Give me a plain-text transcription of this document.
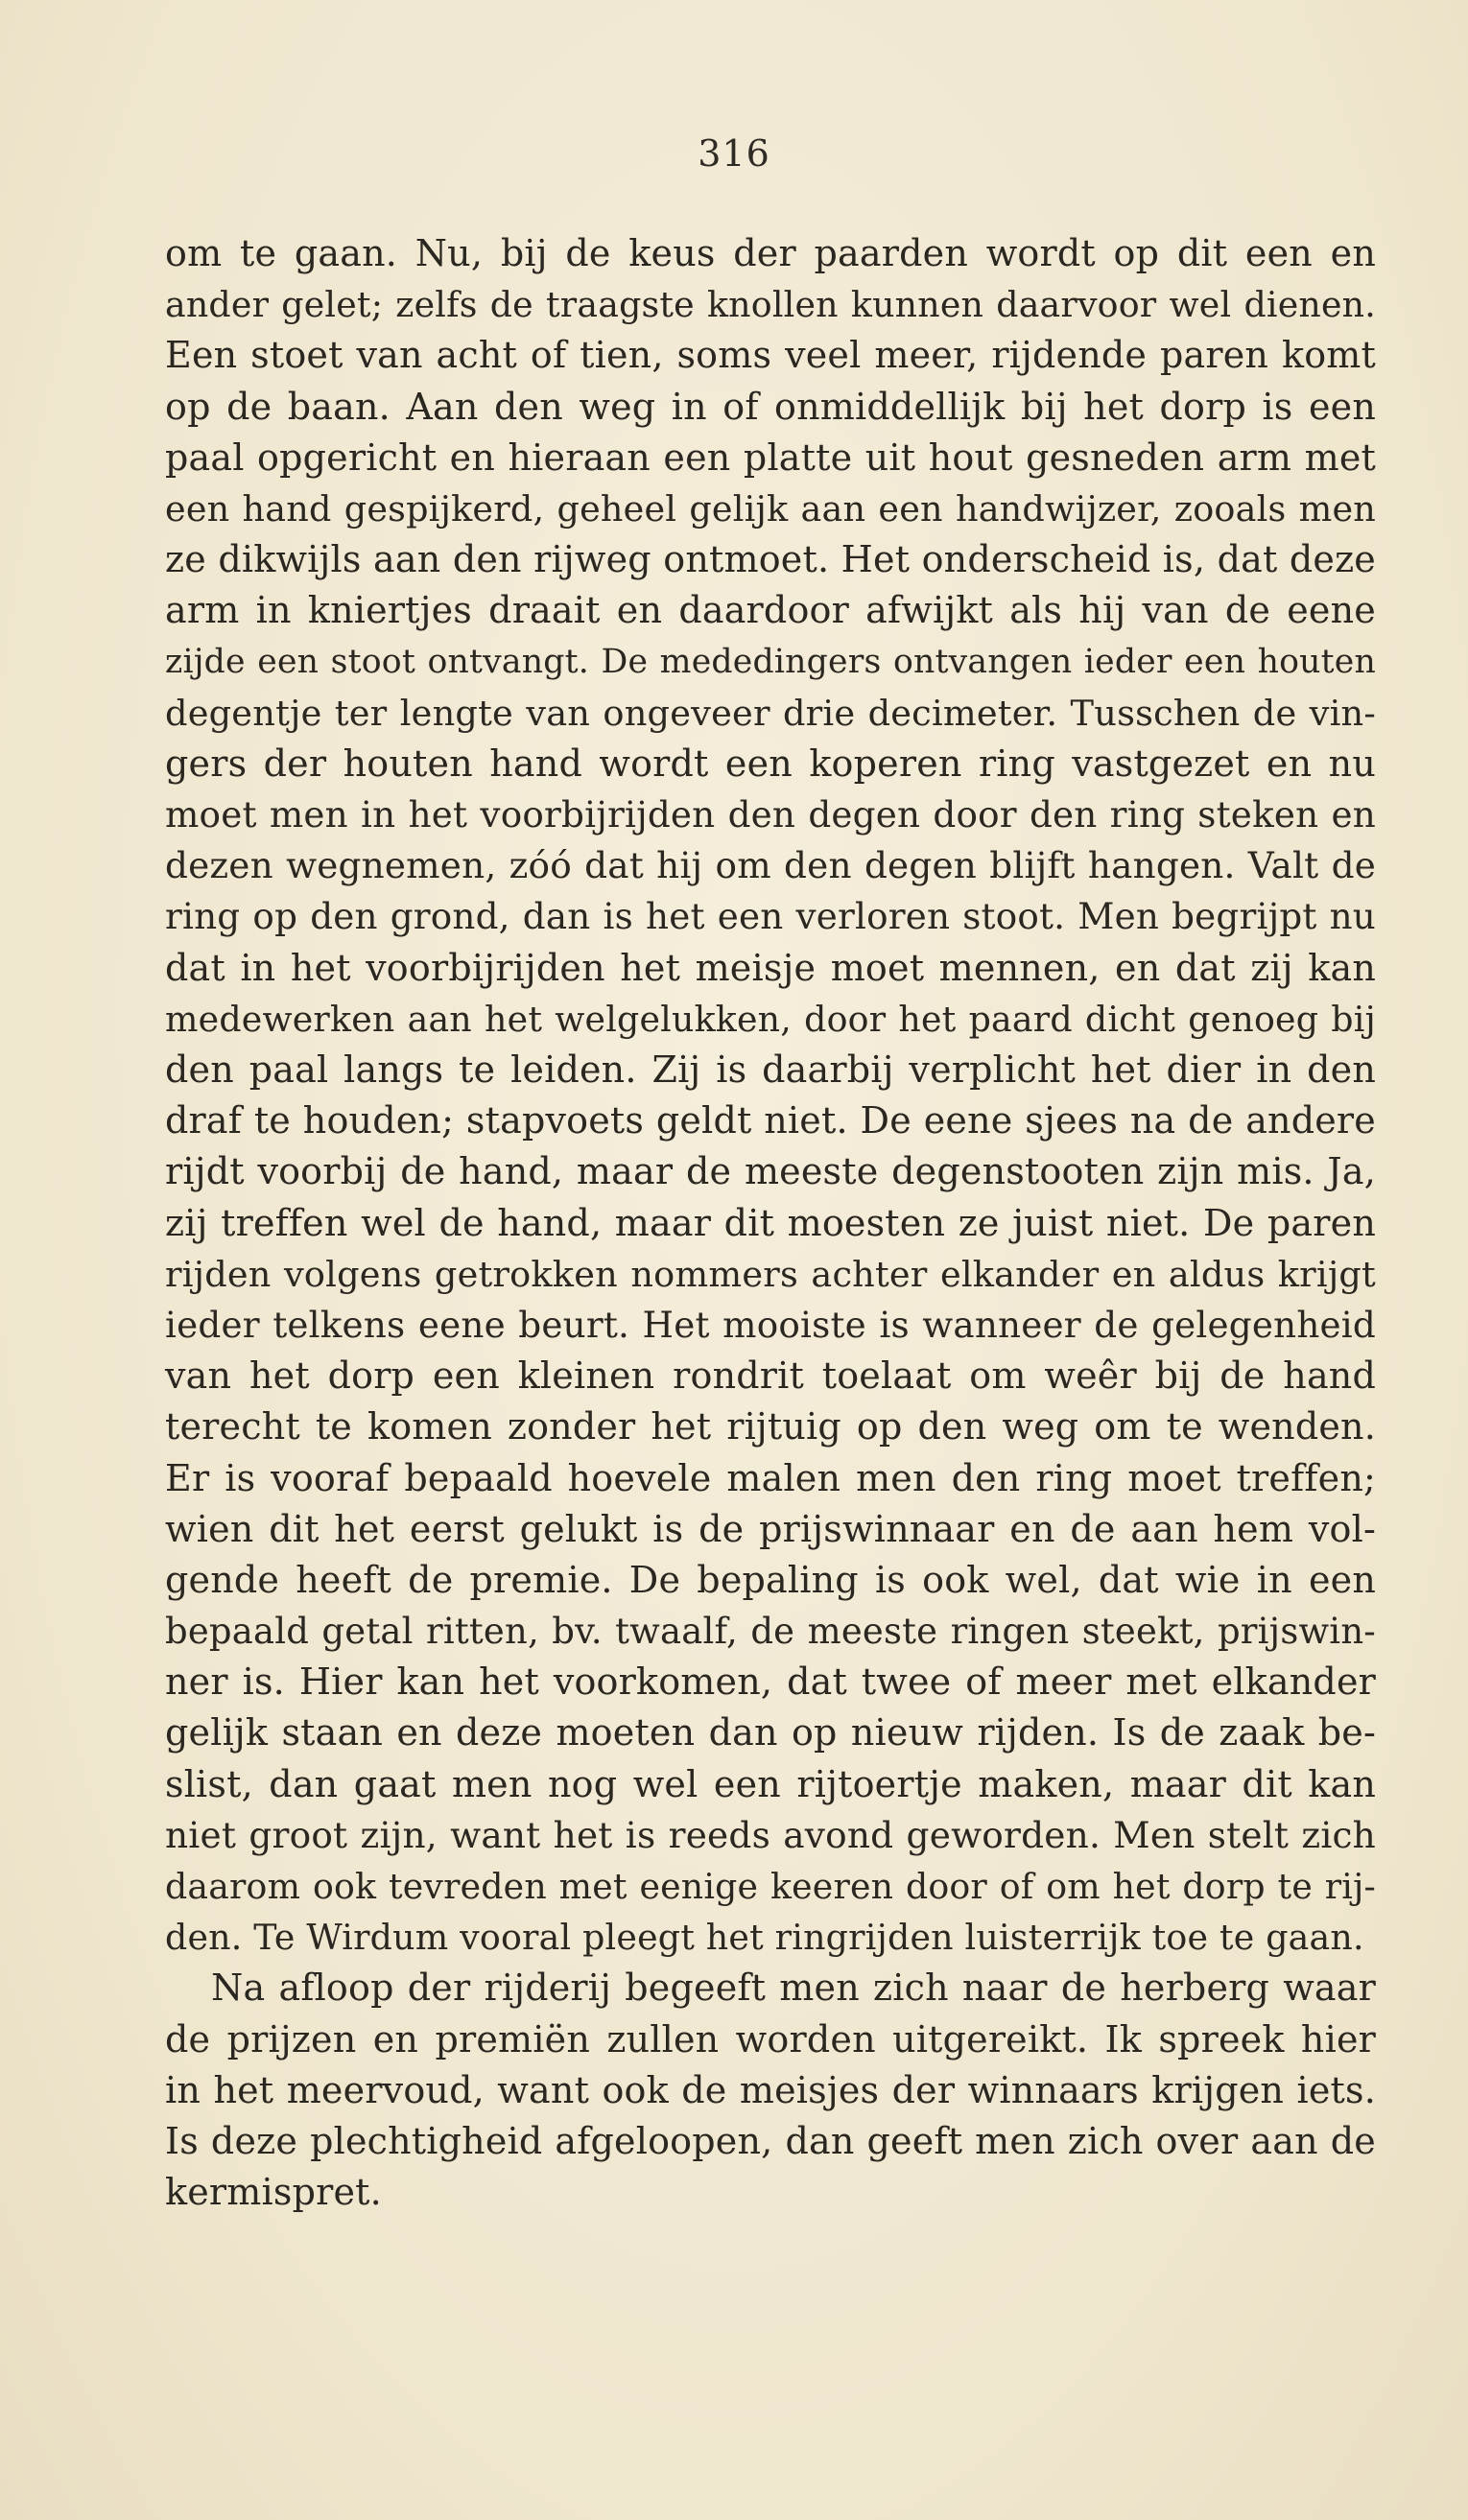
316
om te gaan. Nu, bij de keus der paarden wordt op dit een en
ander gelet; zelfs de traagste knollen kunnen daarvoor wel dienen.
Een stoet van acht of tien, soms veel meer, rijdende paren komt
op de baan. Aan den weg in of onmiddellijk bij het dorp is een
paal opgericht en hieraan een platte uit hout gesneden arm met
een hand gespijkerd, geheel gelijk aan een handwijzer, zooals men
ze dikwijls aan den rijweg ontmoet. Het onderscheid is, dat deze
arm in kniertjes draait en daardoor afwijkt als hij van de eene
zijde een stoot ontvangt. De mededingers ontvangen ieder een houten
degentje ter lengte van ongeveer drie decimeter. Tusschen de vin-
gers der houten hand wordt een koperen ring vastgezet en nu
moet men in het voorbijrijden den degen door den ring steken en
dezen wegnemen, zóó dat hij om den degen blijft hangen. Valt de
ring op den grond, dan is het een verloren stoot. Men begrijpt nu
dat in het voorbijrijden het meisje moet mennen, en dat zij kan
medewerken aan het welgelukken, door het paard dicht genoeg bij
den paal langs te leiden. Zij is daarbij verplicht het dier in den
draf te houden; stapvoets geldt niet. De eene sjees na de andere
rijdt voorbij de hand, maar de meeste degenstooten zijn mis. Ja,
zij treffen wel de hand, maar dit moesten ze juist niet. De paren
rijden volgens getrokken nommers achter elkander en aldus krijgt
ieder telkens eene beurt. Het mooiste is wanneer de gelegenheid
van het dorp een kleinen rondrit toelaat om weêr bij de hand
terecht te komen zonder het rijtuig op den weg om te wenden.
Er is vooraf bepaald hoevele malen men den ring moet treffen;
wien dit het eerst gelukt is de prijswinnaar en de aan hem vol-
gende heeft de premie. De bepaling is ook wel, dat wie in een
bepaald getal ritten, bv. twaalf, de meeste ringen steekt, prijswin-
ner is. Hier kan het voorkomen, dat twee of meer met elkander
gelijk staan en deze moeten dan op nieuw rijden. Is de zaak be-
slist, dan gaat men nog wel een rijtoertje maken, maar dit kan
niet groot zijn, want het is reeds avond geworden. Men stelt zich
daarom ook tevreden met eenige keeren door of om het dorp te rij-
den. Te Wirdum vooral pleegt het ringrijden luisterrijk toe te gaan.
Na afloop der rijderij begeeft men zich naar de herberg waar
de prijzen en premiën zullen worden uitgereikt. Ik spreek hier
in het meervoud, want ook de meisjes der winnaars krijgen iets.
Is deze plechtigheid afgeloopen, dan geeft men zich over aan de
kermispret.
